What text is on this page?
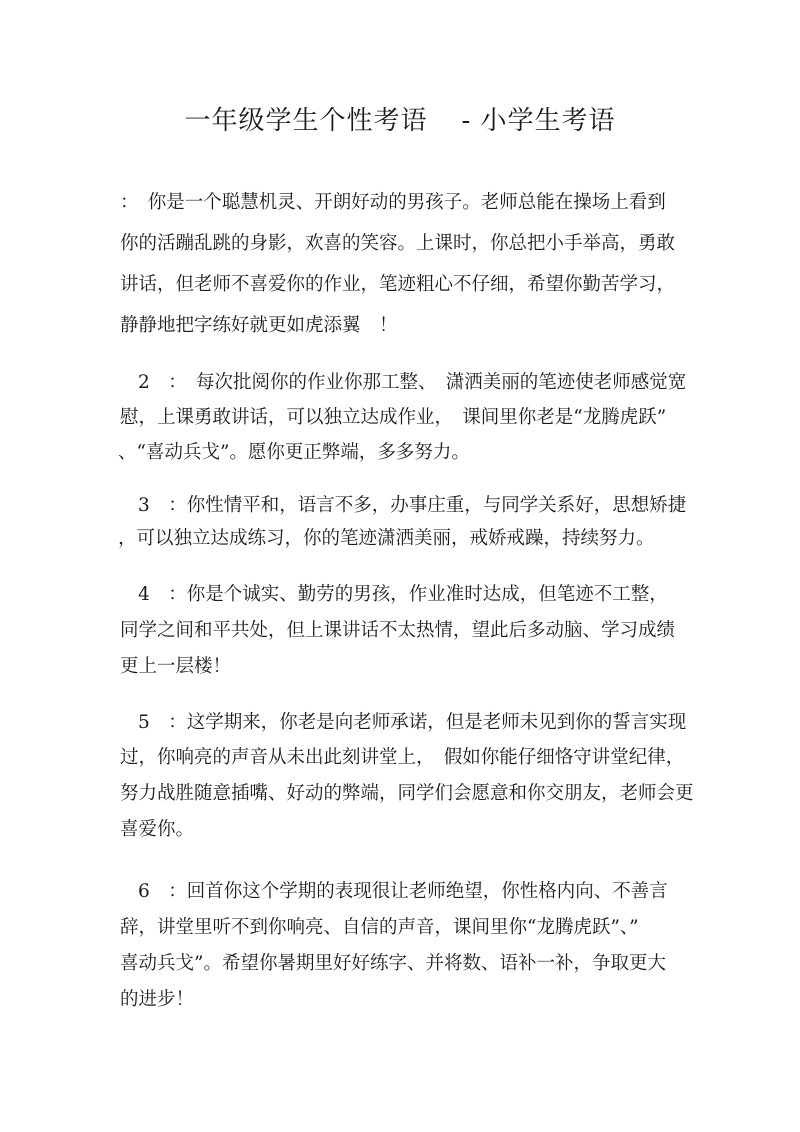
一年级学生个性考语 - 小学生考语
：　你是一个聪慧机灵、开朗好动的男孩子。老师总能在操场上看到
你的活蹦乱跳的身影，欢喜的笑容。上课时，你总把小手举高，勇敢
讲话，但老师不喜爱你的作业，笔迹粗心不仔细，希望你勤苦学习，
静静地把字练好就更如虎添翼　！
2　：　每次批阅你的作业你那工整、　潇洒美丽的笔迹使老师感觉宽
慰，上课勇敢讲话，可以独立达成作业，　课间里你老是“龙腾虎跃”
、“喜动兵戈”。愿你更正弊端，多多努力。
3　：你性情平和，语言不多，办事庄重，与同学关系好，思想矫捷
，可以独立达成练习，你的笔迹潇洒美丽，戒娇戒躁，持续努力。
4　：你是个诚实、勤劳的男孩，作业准时达成，但笔迹不工整，
同学之间和平共处，但上课讲话不太热情，望此后多动脑、学习成绩
更上一层楼！
5　：这学期来，你老是向老师承诺，但是老师未见到你的誓言实现
过，你响亮的声音从未出此刻讲堂上，　假如你能仔细恪守讲堂纪律，
努力战胜随意插嘴、好动的弊端，同学们会愿意和你交朋友，老师会更
喜爱你。
6　：回首你这个学期的表现很让老师绝望，你性格内向、不善言
辞，讲堂里听不到你响亮、自信的声音，课间里你“龙腾虎跃”、”
喜动兵戈”。希望你暑期里好好练字、并将数、语补一补，争取更大
的进步！
